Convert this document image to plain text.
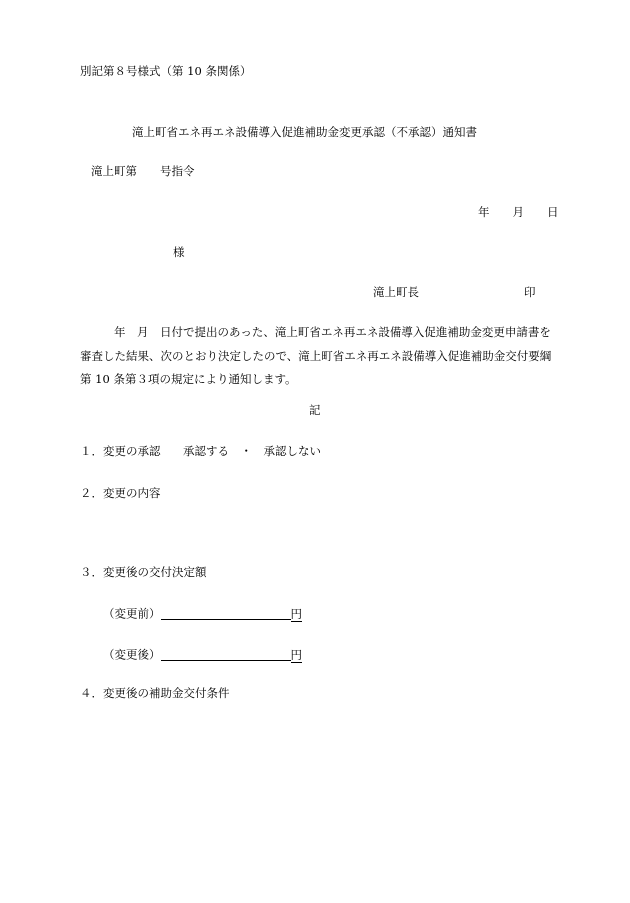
別記第８号様式（第 10 条関係）
滝上町省エネ再エネ設備導入促進補助金変更承認（不承認）通知書
滝上町第　　号指令
年　　月　　日
様
滝上町長	印
年　月　日付で提出のあった、滝上町省エネ再エネ設備導入促進補助金変更申請書を
審査した結果、次のとおり決定したので、滝上町省エネ再エネ設備導入促進補助金交付要綱
第 10 条第３項の規定により通知します。
記
１．変更の承認 承認する　・　承認しない
２．変更の内容
３．変更後の交付決定額
（変更前）	円
（変更後）	円
４．変更後の補助金交付条件
